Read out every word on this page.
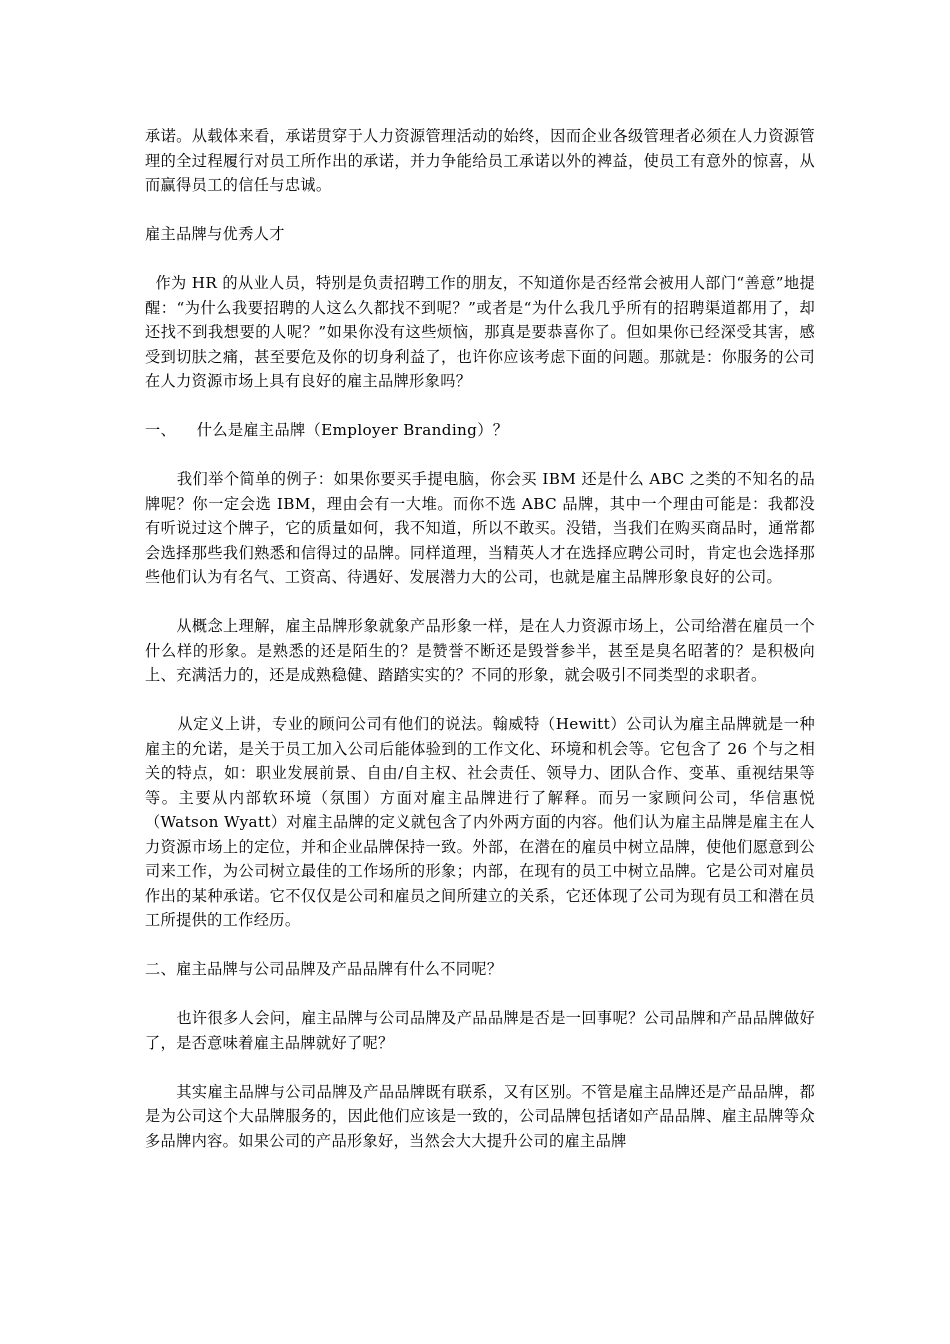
承诺。从载体来看，承诺贯穿于人力资源管理活动的始终，因而企业各级管理者必须在人力资源管理的全过程履行对员工所作出的承诺，并力争能给员工承诺以外的裨益，使员工有意外的惊喜，从而赢得员工的信任与忠诚。

雇主品牌与优秀人才

作为 HR 的从业人员，特别是负责招聘工作的朋友，不知道你是否经常会被用人部门“善意”地提醒：“为什么我要招聘的人这么久都找不到呢？”或者是“为什么我几乎所有的招聘渠道都用了，却还找不到我想要的人呢？”如果你没有这些烦恼，那真是要恭喜你了。但如果你已经深受其害，感受到切肤之痛，甚至要危及你的切身利益了，也许你应该考虑下面的问题。那就是：你服务的公司在人力资源市场上具有良好的雇主品牌形象吗？

一、    什么是雇主品牌（Employer Branding）？

我们举个简单的例子：如果你要买手提电脑，你会买 IBM 还是什么 ABC 之类的不知名的品牌呢？你一定会选 IBM，理由会有一大堆。而你不选 ABC 品牌，其中一个理由可能是：我都没有听说过这个牌子，它的质量如何，我不知道，所以不敢买。没错，当我们在购买商品时，通常都会选择那些我们熟悉和信得过的品牌。同样道理，当精英人才在选择应聘公司时，肯定也会选择那些他们认为有名气、工资高、待遇好、发展潜力大的公司，也就是雇主品牌形象良好的公司。

从概念上理解，雇主品牌形象就象产品形象一样，是在人力资源市场上，公司给潜在雇员一个什么样的形象。是熟悉的还是陌生的？是赞誉不断还是毁誉参半，甚至是臭名昭著的？是积极向上、充满活力的，还是成熟稳健、踏踏实实的？不同的形象，就会吸引不同类型的求职者。

从定义上讲，专业的顾问公司有他们的说法。翰威特（Hewitt）公司认为雇主品牌就是一种雇主的允诺，是关于员工加入公司后能体验到的工作文化、环境和机会等。它包含了 26 个与之相关的特点，如：职业发展前景、自由/自主权、社会责任、领导力、团队合作、变革、重视结果等等。主要从内部软环境（氛围）方面对雇主品牌进行了解释。而另一家顾问公司，华信惠悦（Watson Wyatt）对雇主品牌的定义就包含了内外两方面的内容。他们认为雇主品牌是雇主在人力资源市场上的定位，并和企业品牌保持一致。外部，在潜在的雇员中树立品牌，使他们愿意到公司来工作，为公司树立最佳的工作场所的形象；内部，在现有的员工中树立品牌。它是公司对雇员作出的某种承诺。它不仅仅是公司和雇员之间所建立的关系，它还体现了公司为现有员工和潜在员工所提供的工作经历。

二、雇主品牌与公司品牌及产品品牌有什么不同呢？

也许很多人会问，雇主品牌与公司品牌及产品品牌是否是一回事呢？公司品牌和产品品牌做好了，是否意味着雇主品牌就好了呢？

其实雇主品牌与公司品牌及产品品牌既有联系，又有区别。不管是雇主品牌还是产品品牌，都是为公司这个大品牌服务的，因此他们应该是一致的，公司品牌包括诸如产品品牌、雇主品牌等众多品牌内容。如果公司的产品形象好，当然会大大提升公司的雇主品牌
